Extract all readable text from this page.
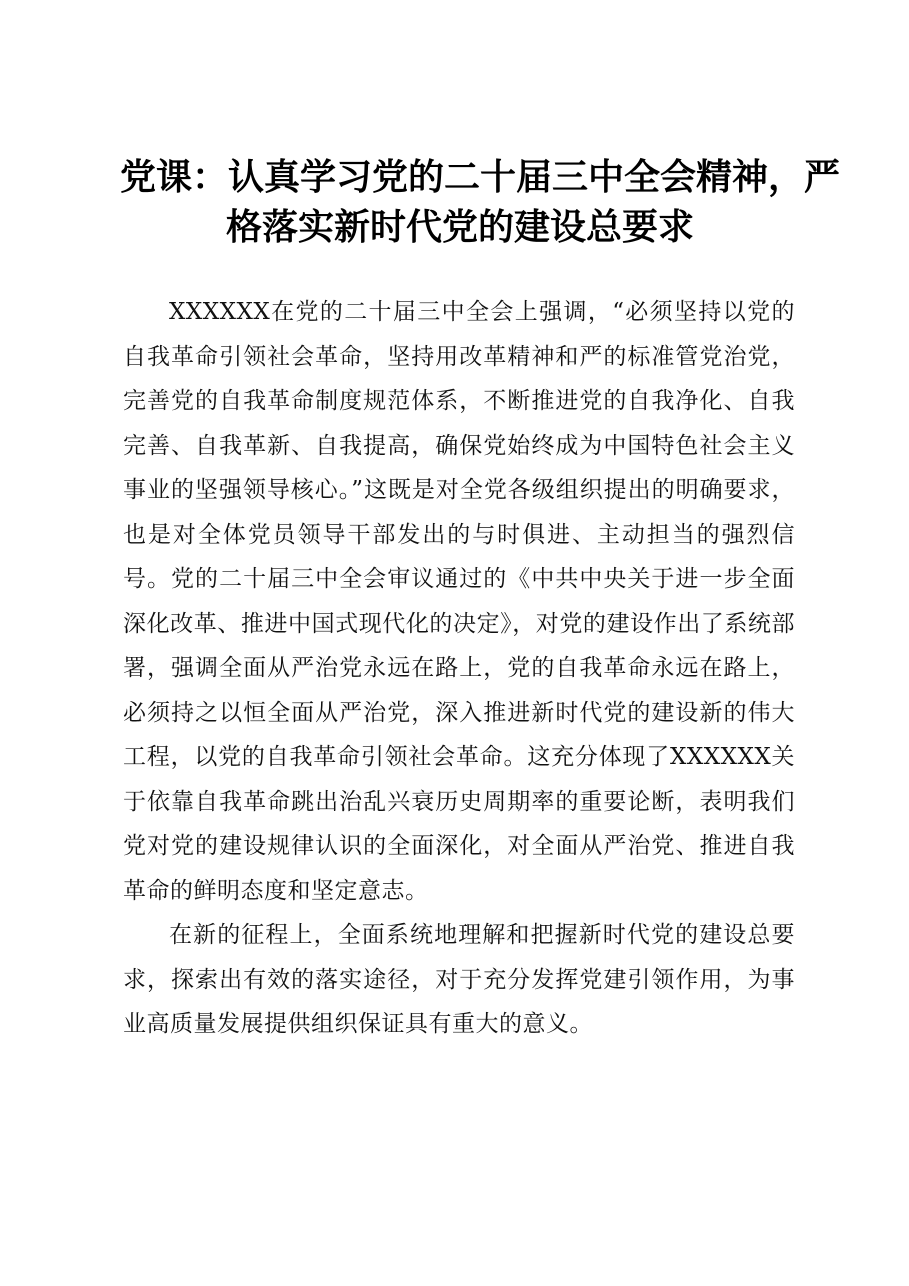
党课：认真学习党的二十届三中全会精神，严
格落实新时代党的建设总要求

XXXXXX在党的二十届三中全会上强调，“必须坚持以党的自我革命引领社会革命，坚持用改革精神和严的标准管党治党，完善党的自我革命制度规范体系，不断推进党的自我净化、自我完善、自我革新、自我提高，确保党始终成为中国特色社会主义事业的坚强领导核心。”这既是对全党各级组织提出的明确要求，也是对全体党员领导干部发出的与时俱进、主动担当的强烈信号。党的二十届三中全会审议通过的《中共中央关于进一步全面深化改革、推进中国式现代化的决定》，对党的建设作出了系统部署，强调全面从严治党永远在路上，党的自我革命永远在路上，必须持之以恒全面从严治党，深入推进新时代党的建设新的伟大工程，以党的自我革命引领社会革命。这充分体现了XXXXXX关于依靠自我革命跳出治乱兴衰历史周期率的重要论断，表明我们党对党的建设规律认识的全面深化，对全面从严治党、推进自我革命的鲜明态度和坚定意志。

在新的征程上，全面系统地理解和把握新时代党的建设总要求，探索出有效的落实途径，对于充分发挥党建引领作用，为事业高质量发展提供组织保证具有重大的意义。
